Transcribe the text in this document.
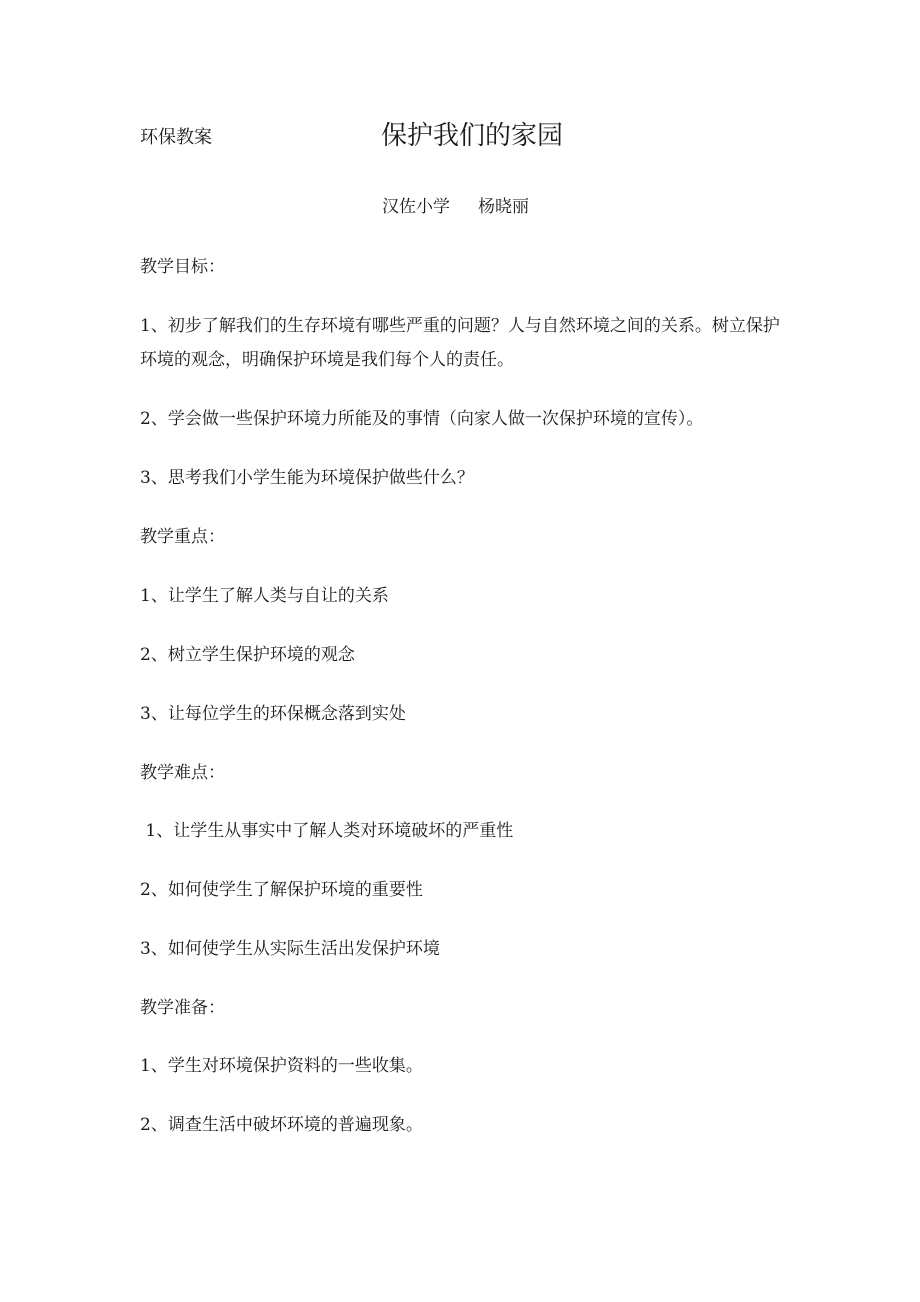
环保教案	保护我们的家园
汉佐小学 杨晓丽
教学目标：
1、初步了解我们的生存环境有哪些严重的问题？人与自然环境之间的关系。树立保护环境的观念，明确保护环境是我们每个人的责任。
2、学会做一些保护环境力所能及的事情（向家人做一次保护环境的宣传）。
3、思考我们小学生能为环境保护做些什么？
教学重点：
1、让学生了解人类与自让的关系
2、树立学生保护环境的观念
3、让每位学生的环保概念落到实处
教学难点：
1、让学生从事实中了解人类对环境破坏的严重性
2、如何使学生了解保护环境的重要性
3、如何使学生从实际生活出发保护环境
教学准备：
1、学生对环境保护资料的一些收集。
2、调查生活中破坏环境的普遍现象。
